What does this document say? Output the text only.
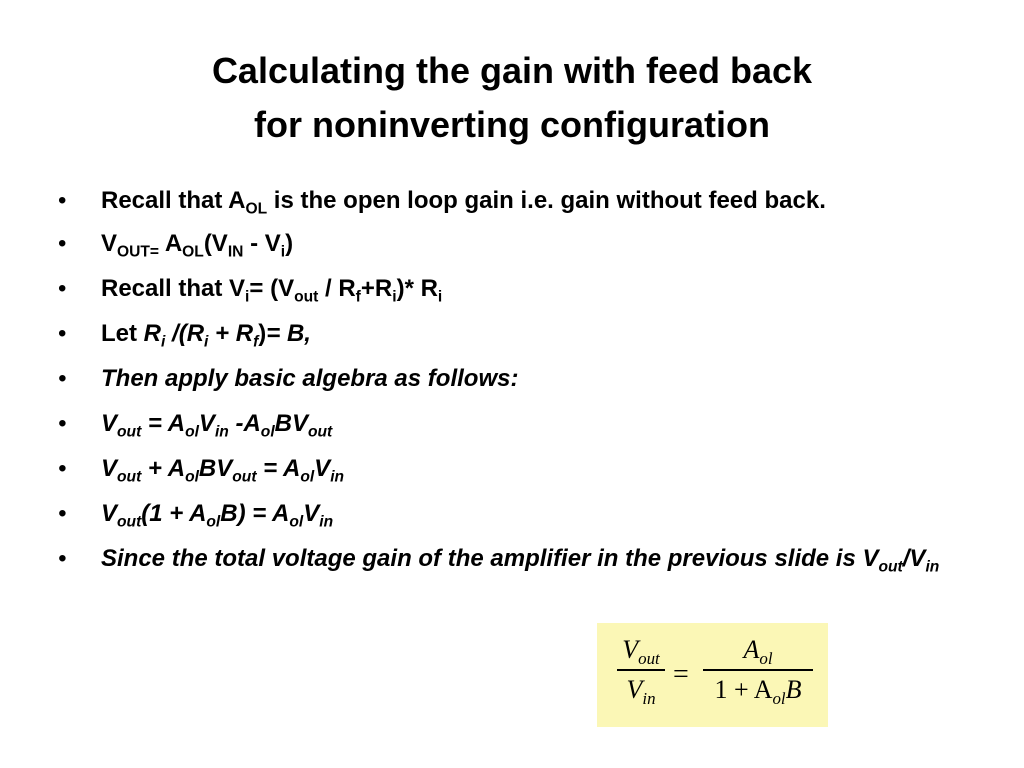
Calculating the gain with feed back
for noninverting configuration
• Recall that $A_{OL}$ is the open loop gain i.e. gain without feed back.
• $V_{OUT=}$ $A_{OL}(V_{IN} - V_i)$
• Recall that $V_i= (V_{out} / R_f+R_i)*$ $R_i$
• Let $R_i$ $/(R_i + R_f)= B$,
• Then apply basic algebra as follows:
• $V_{out} = A_{ol}V_{in}$ $-A_{ol}BV_{out}$
• $V_{out} + A_{ol}BV_{out} = A_{ol}V_{in}$
• $V_{out}(1 + A_{ol}B) = A_{ol}V_{in}$
• Since the total voltage gain of the amplifier in the previous slide is $V_{out}/V_{in}$
$V_{out}$
$V_{in}$
=
$A_{ol}$
$1 + A_{ol}B$
